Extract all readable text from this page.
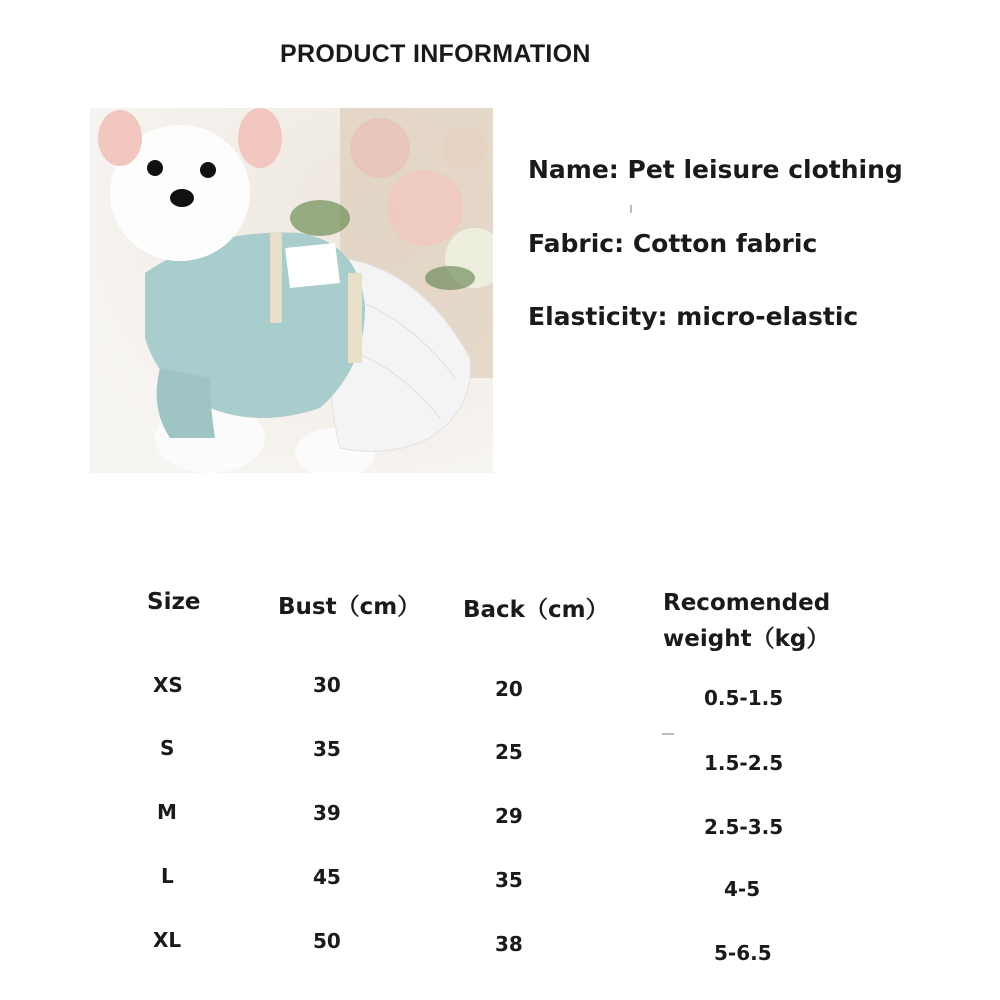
PRODUCT INFORMATION
Name: Pet leisure clothing
Fabric: Cotton fabric
Elasticity: micro-elastic
Size	Bust（cm） Back（cm） Recomended
weight（kg）
XS	30	20	0.5-1.5
S	35	25	1.5-2.5
M	39	29	2.5-3.5
L	45	35	4-5
XL	50	38	5-6.5
